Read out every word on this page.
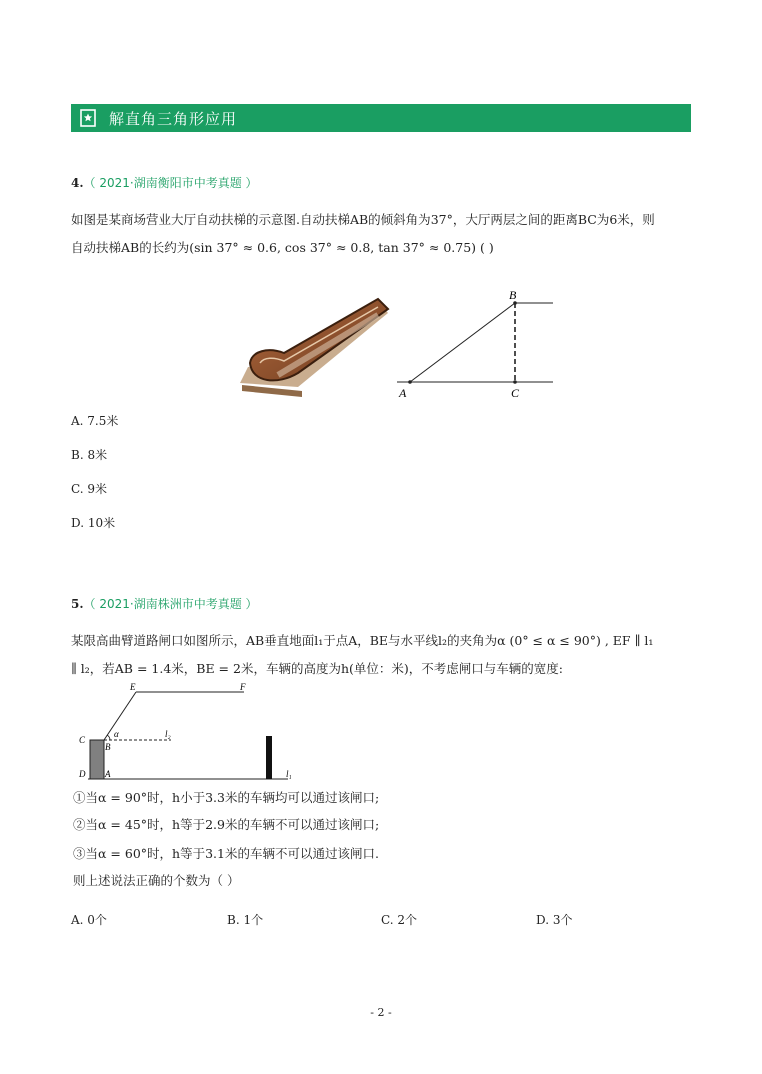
解直角三角形应用
4.（ 2021·湖南衡阳市中考真题 ）
如图是某商场营业大厅自动扶梯的示意图.自动扶梯AB的倾斜角为37°，大厅两层之间的距离BC为6米，则
自动扶梯AB的长约为(sin 37° ≈ 0.6, cos 37° ≈ 0.8, tan 37° ≈ 0.75) ( )
A
B
C
A. 7.5米
B. 8米
C. 9米
D. 10米
5.（ 2021·湖南株洲市中考真题 ）
某限高曲臂道路闸口如图所示，AB垂直地面l₁于点A，BE与水平线l₂的夹角为α (0° ≤ α ≤ 90°) , EF ∥ l₁
∥ l₂，若AB = 1.4米，BE = 2米，车辆的高度为h(单位：米)，不考虑闸口与车辆的宽度:
E	F
C
B
α	l₂
D A	l₁
①当α = 90°时，h小于3.3米的车辆均可以通过该闸口;
②当α = 45°时，h等于2.9米的车辆不可以通过该闸口;
③当α = 60°时，h等于3.1米的车辆不可以通过该闸口.
则上述说法正确的个数为（ ）
A. 0个	B. 1个	C. 2个	D. 3个
- 2 -
